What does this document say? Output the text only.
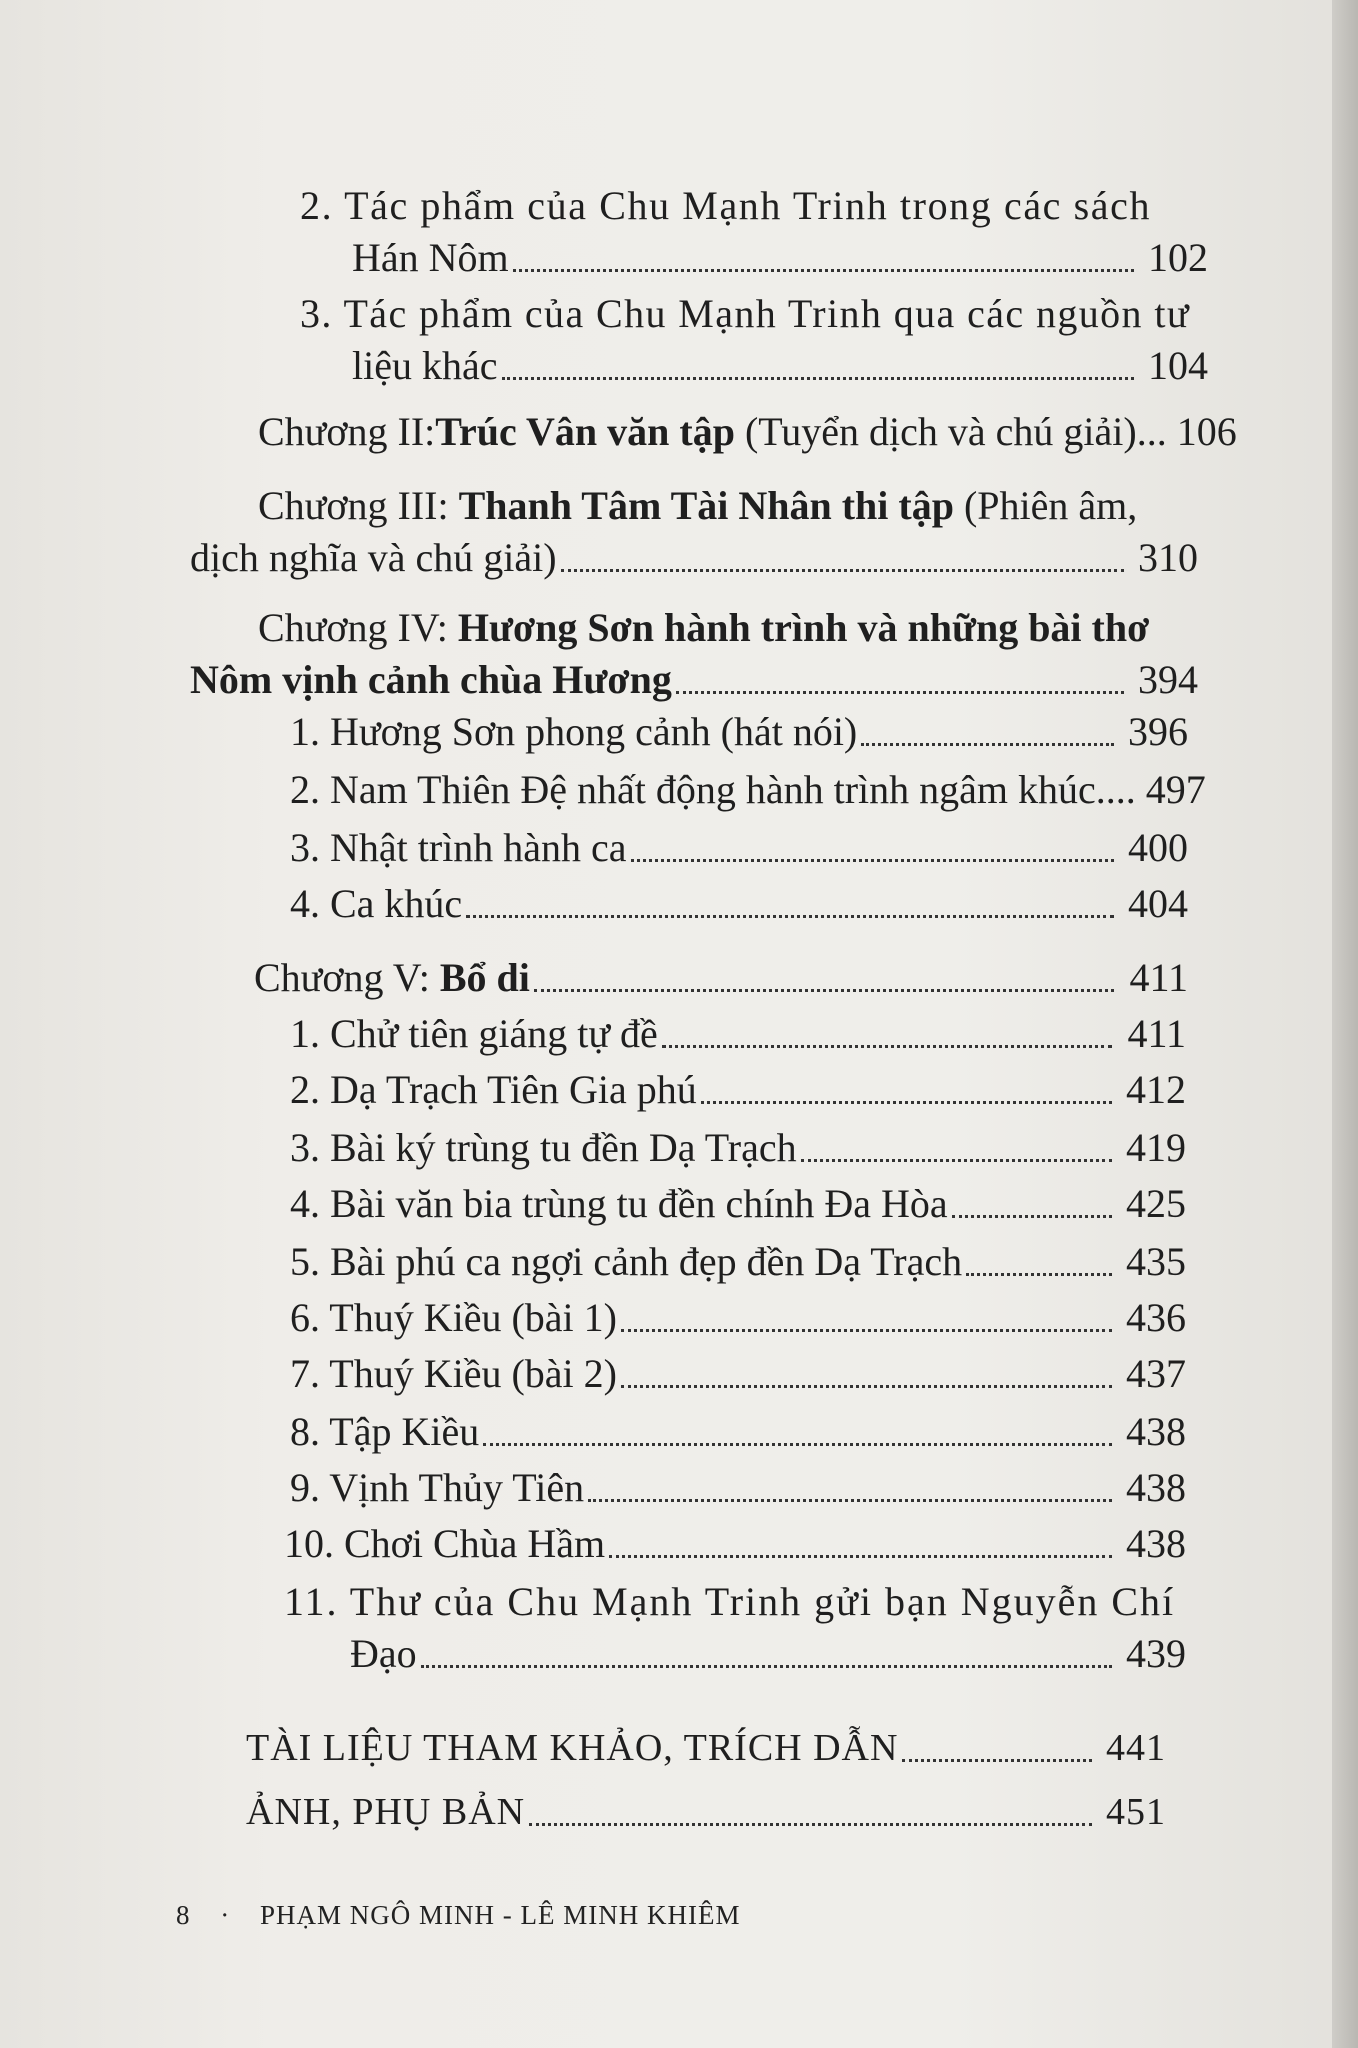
2. Tác phẩm của Chu Mạnh Trinh trong các sách
Hán Nôm	102
3. Tác phẩm của Chu Mạnh Trinh qua các nguồn tư
liệu khác	104
Chương II: Trúc Vân văn tập (Tuyển dịch và chú giải)... 106
Chương III: Thanh Tâm Tài Nhân thi tập (Phiên âm,
dịch nghĩa và chú giải)	310
Chương IV: Hương Sơn hành trình và những bài thơ
Nôm vịnh cảnh chùa Hương	394
1. Hương Sơn phong cảnh (hát nói)	396
2. Nam Thiên Đệ nhất động hành trình ngâm khúc.... 497
3. Nhật trình hành ca	400
4. Ca khúc	404
Chương V: Bổ di	411
1. Chử tiên giáng tự đề	411
2. Dạ Trạch Tiên Gia phú	412
3. Bài ký trùng tu đền Dạ Trạch	419
4. Bài văn bia trùng tu đền chính Đa Hòa	425
5. Bài phú ca ngợi cảnh đẹp đền Dạ Trạch	435
6. Thuý Kiều (bài 1)	436
7. Thuý Kiều (bài 2)	437
8. Tập Kiều	438
9. Vịnh Thủy Tiên	438
10. Chơi Chùa Hầm	438
11. Thư của Chu Mạnh Trinh gửi bạn Nguyễn Chí
Đạo	439
TÀI LIỆU THAM KHẢO, TRÍCH DẪN	441
ẢNH, PHỤ BẢN	451
8 · PHẠM NGÔ MINH - LÊ MINH KHIÊM
